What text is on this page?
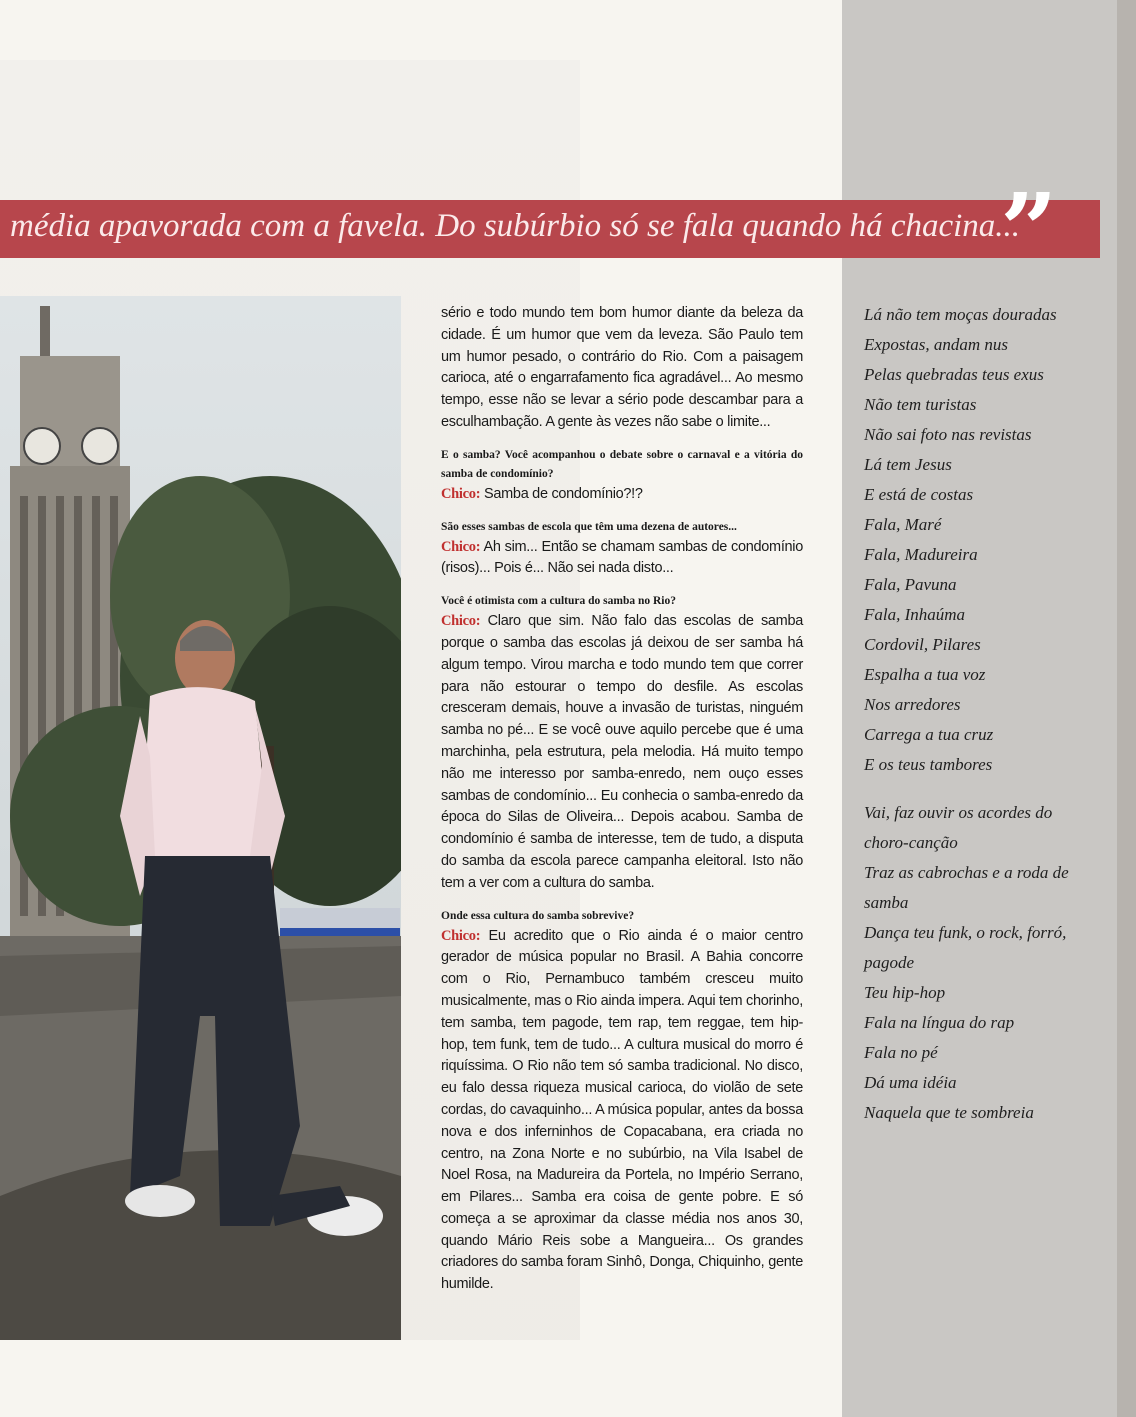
média apavorada com a favela. Do subúrbio só se fala quando há chacina...
”

sério e todo mundo tem bom humor diante da beleza da cidade. É um humor que vem da leveza. São Paulo tem um humor pesado, o contrário do Rio. Com a paisagem carioca, até o engarrafamento fica agradável... Ao mesmo tempo, esse não se levar a sério pode descambar para a esculhambação. A gente às vezes não sabe o limite...

E o samba? Você acompanhou o debate sobre o carnaval e a vitória do samba de condomínio?

Chico: Samba de condomínio?!?

São esses sambas de escola que têm uma dezena de autores...

Chico: Ah sim... Então se chamam sambas de condomínio (risos)... Pois é... Não sei nada disto...

Você é otimista com a cultura do samba no Rio?

Chico: Claro que sim. Não falo das escolas de samba porque o samba das escolas já deixou de ser samba há algum tempo. Virou marcha e todo mundo tem que correr para não estourar o tempo do desfile. As escolas cresceram demais, houve a invasão de turistas, ninguém samba no pé... E se você ouve aquilo percebe que é uma marchinha, pela estrutura, pela melodia. Há muito tempo não me interesso por samba-enredo, nem ouço esses sambas de condomínio... Eu conhecia o samba-enredo da época do Silas de Oliveira... Depois acabou. Samba de condomínio é samba de interesse, tem de tudo, a disputa do samba da escola parece campanha eleitoral. Isto não tem a ver com a cultura do samba.

Onde essa cultura do samba sobrevive?

Chico: Eu acredito que o Rio ainda é o maior centro gerador de música popular no Brasil. A Bahia concorre com o Rio, Pernambuco também cresceu muito musicalmente, mas o Rio ainda impera. Aqui tem chorinho, tem samba, tem pagode, tem rap, tem reggae, tem hip-hop, tem funk, tem de tudo... A cultura musical do morro é riquíssima. O Rio não tem só samba tradicional. No disco, eu falo dessa riqueza musical carioca, do violão de sete cordas, do cavaquinho... A música popular, antes da bossa nova e dos inferninhos de Copacabana, era criada no centro, na Zona Norte e no subúrbio, na Vila Isabel de Noel Rosa, na Madureira da Portela, no Império Serrano, em Pilares... Samba era coisa de gente pobre. E só começa a se aproximar da classe média nos anos 30, quando Mário Reis sobe a Mangueira... Os grandes criadores do samba foram Sinhô, Donga, Chiquinho, gente humilde.

Lá não tem moças douradas
Expostas, andam nus
Pelas quebradas teus exus
Não tem turistas
Não sai foto nas revistas
Lá tem Jesus
E está de costas
Fala, Maré
Fala, Madureira
Fala, Pavuna
Fala, Inhaúma
Cordovil, Pilares
Espalha a tua voz
Nos arredores
Carrega a tua cruz
E os teus tambores
Vai, faz ouvir os acordes do
choro-canção
Traz as cabrochas e a roda de
samba
Dança teu funk, o rock, forró,
pagode
Teu hip-hop
Fala na língua do rap
Fala no pé
Dá uma idéia
Naquela que te sombreia
